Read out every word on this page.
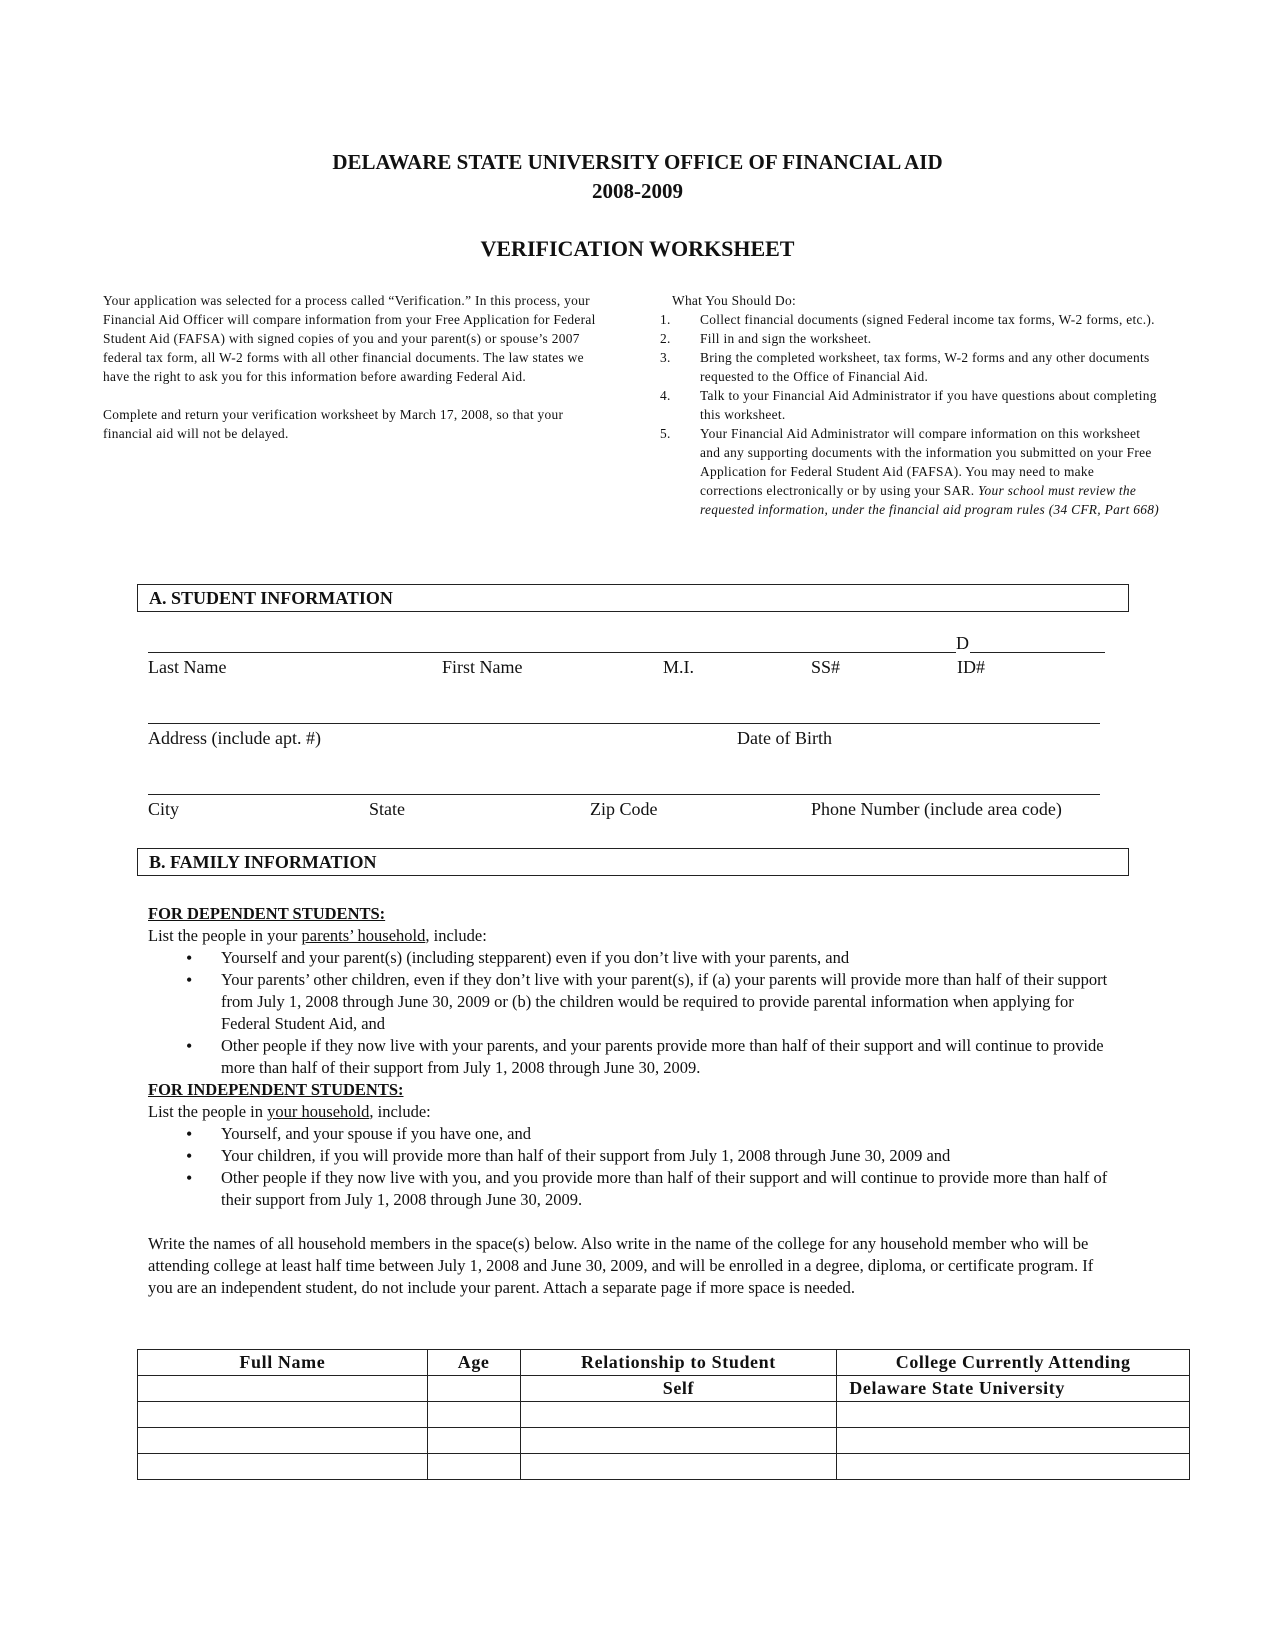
DELAWARE STATE UNIVERSITY OFFICE OF FINANCIAL AID
2008-2009
VERIFICATION WORKSHEET

Your application was selected for a process called “Verification.” In this process, your Financial Aid Officer will compare information from your Free Application for Federal Student Aid (FAFSA) with signed copies of you and your parent(s) or spouse’s 2007 federal tax form, all W-2 forms with all other financial documents. The law states we have the right to ask you for this information before awarding Federal Aid.

Complete and return your verification worksheet by March 17, 2008, so that your financial aid will not be delayed.

What You Should Do:
1. Collect financial documents (signed Federal income tax forms, W-2 forms, etc.).
2. Fill in and sign the worksheet.
3. Bring the completed worksheet, tax forms, W-2 forms and any other documents requested to the Office of Financial Aid.
4. Talk to your Financial Aid Administrator if you have questions about completing this worksheet.
5. Your Financial Aid Administrator will compare information on this worksheet and any supporting documents with the information you submitted on your Free Application for Federal Student Aid (FAFSA). You may need to make corrections electronically or by using your SAR. Your school must review the requested information, under the financial aid program rules (34 CFR, Part 668)
A. STUDENT INFORMATION
D
Last Name	First Name	M.I.	SS#	ID#
Address (include apt. #)	Date of Birth
City	State	Zip Code	Phone Number (include area code)
B. FAMILY INFORMATION
FOR DEPENDENT STUDENTS:
List the people in your parents’ household, include:
• Yourself and your parent(s) (including stepparent) even if you don’t live with your parents, and
• Your parents’ other children, even if they don’t live with your parent(s), if (a) your parents will provide more than half of their support from July 1, 2008 through June 30, 2009 or (b) the children would be required to provide parental information when applying for Federal Student Aid, and
• Other people if they now live with your parents, and your parents provide more than half of their support and will continue to provide more than half of their support from July 1, 2008 through June 30, 2009.
FOR INDEPENDENT STUDENTS:
List the people in your household, include:
• Yourself, and your spouse if you have one, and
• Your children, if you will provide more than half of their support from July 1, 2008 through June 30, 2009 and
• Other people if they now live with you, and you provide more than half of their support and will continue to provide more than half of their support from July 1, 2008 through June 30, 2009.
Write the names of all household members in the space(s) below. Also write in the name of the college for any household member who will be attending college at least half time between July 1, 2008 and June 30, 2009, and will be enrolled in a degree, diploma, or certificate program. If you are an independent student, do not include your parent. Attach a separate page if more space is needed.
Full Name	Age	Relationship to Student	College Currently Attending
		Self	Delaware State University
